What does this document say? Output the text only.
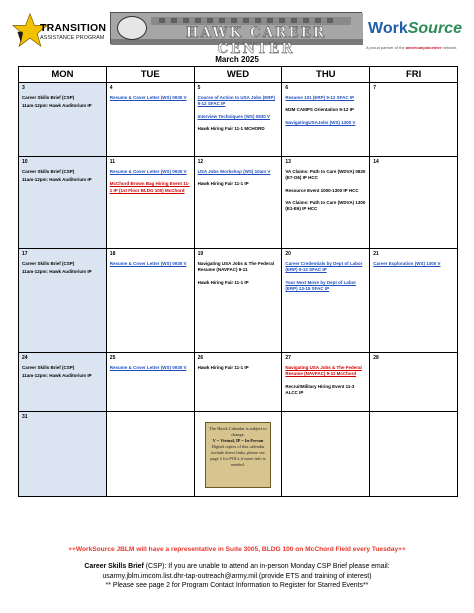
TRANSITION
ASSISTANCE PROGRAM	HAWK CAREER CENTER
WorkSource
A proud partner of the americanjobcenter network
March 2025
MON	TUE	WED	THU	FRI

3
Career Skills Brief (CSP)
11am-12pm: Hawk Auditorium IP	4
Resume & Cover Letter (WS) 0930 V	5
Course of Action to USA Jobs (ERP) 9-12 SFAC IP
Interview Techniques (WS) 0930 V
Hawk Hiring Fair 11-1 MCHORD	6
Resume 101 (ERP) 9-12 SFAC IP
M2M CAMPS Orientation 9-12 IP
NavigatingUSAJobs (WS) 1300 V	7

10
Career Skills Brief (CSP)
11am-12pm: Hawk Auditorium IP	11
Resume & Cover Letter (WS) 0930 V
McChord Brown Bag Hiring Event 11-1 IP (1st Floor BLDG 100) McChord	12
USA Jobs Workshop (WS) 10am V
Hawk Hiring Fair 11-1 IP	13
VA Claims: Path to Care (WDVA) 0830 (E7-O6) IP HCC
Resource Event 1000-1300 IP HCC
VA Claims: Path to Care (WDVA) 1300 (E1-E6) IP HCC	14

17
Career Skills Brief (CSP)
11am-12pm: Hawk Auditorium IP	18
Resume & Cover Letter (WS) 0930 V	19
Navigating USA Jobs & The Federal Resume (NAVFAC) 9-11
Hawk Hiring Fair 11-1 IP	20
Career Credentials by Dept of Labor (ERP) 9-12 SFAC IP
Your Next Move by Dept of Labor (ERP) 13-15 SFAC IP	21
Career Exploration (WS) 1300 V

24
Career Skills Brief (CSP)
11am-12pm: Hawk Auditorium IP	25
Resume & Cover Letter (WS) 0930 V	26
Hawk Hiring Fair 11-1 IP	27
Navigating USA Jobs & The Federal Resume (NAVFAC) 9-11 McChord
RecruitMilitary Hiring Event 11-3 ALCC IP	28

31		The Hawk Calendar is subject to change.
V = Virtual, IP = In-Person
Digital copies of this calendar include direct links; please see page 2 for POCs if more info is needed.		

++WorkSource JBLM will have a representative in Suite 3005, BLDG 100 on McChord Field every Tuesday++
Career Skills Brief (CSP): If you are unable to attend an in-person Monday CSP Brief please email:
usarmy.jblm.imcom.list.dhr-tap-outreach@army.mil (provide ETS and training of interest)
** Please see page 2 for Program Contact Information to Register for Starred Events**
